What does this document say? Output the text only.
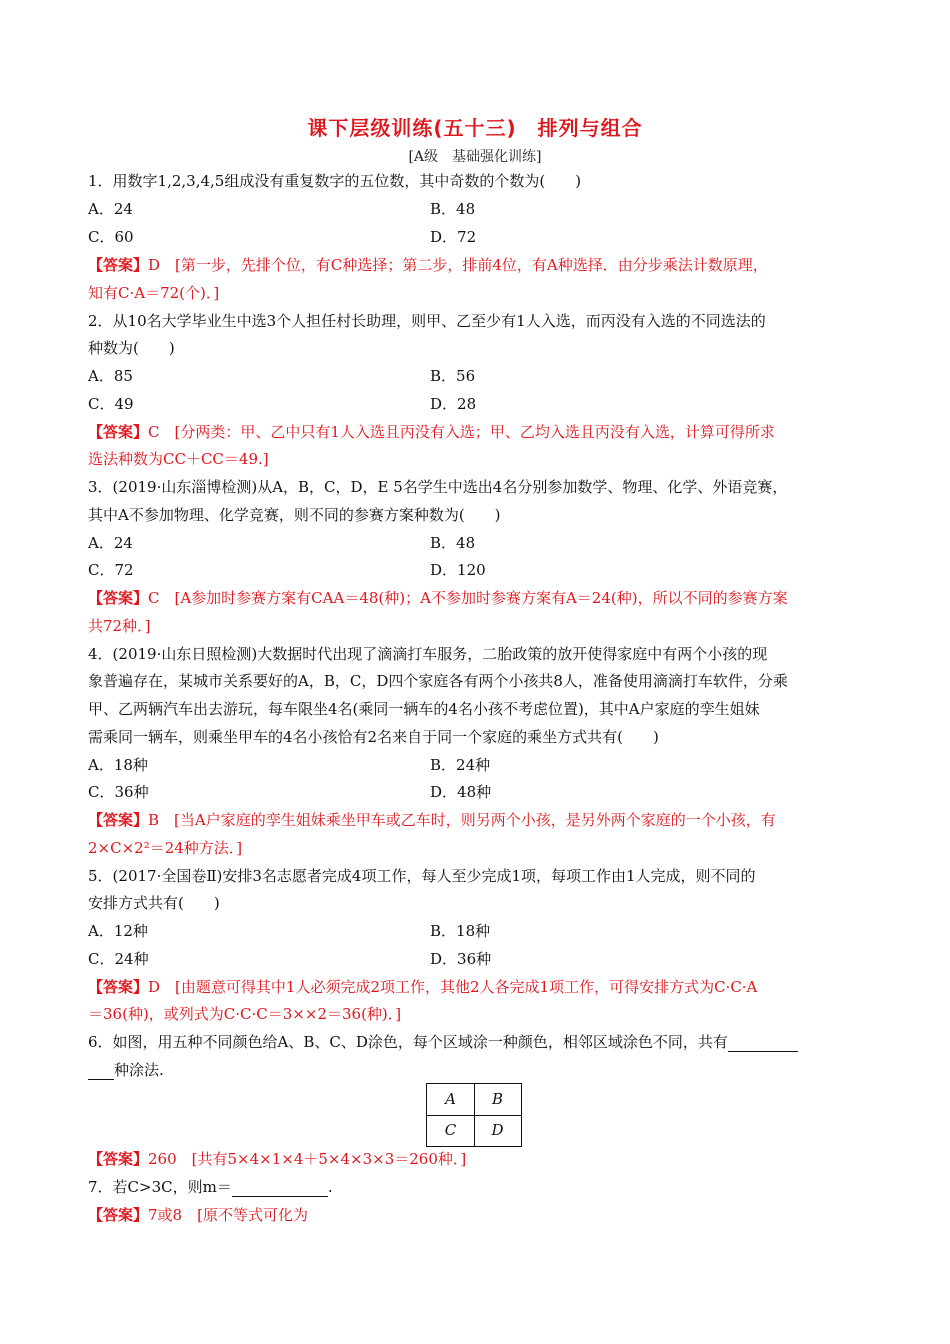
课下层级训练(五十三)　排列与组合
[A级　基础强化训练]
1．用数字1,2,3,4,5组成没有重复数字的五位数，其中奇数的个数为(　　)
A．24	B．48
C．60	D．72
【答案】D　[第一步，先排个位，有C种选择；第二步，排前4位，有A种选择．由分步乘法计数原理，
知有C·A＝72(个)．]
2．从10名大学毕业生中选3个人担任村长助理，则甲、乙至少有1人入选，而丙没有入选的不同选法的
种数为(　　)
A．85	B．56
C．49	D．28
【答案】C　[分两类：甲、乙中只有1人入选且丙没有入选；甲、乙均入选且丙没有入选，计算可得所求
选法种数为CC＋CC＝49.]
3．(2019·山东淄博检测)从A，B，C，D，E 5名学生中选出4名分别参加数学、物理、化学、外语竞赛，
其中A不参加物理、化学竞赛，则不同的参赛方案种数为(　　)
A．24	B．48
C．72	D．120
【答案】C　[A参加时参赛方案有CAA＝48(种)；A不参加时参赛方案有A＝24(种)，所以不同的参赛方案
共72种．]
4．(2019·山东日照检测)大数据时代出现了滴滴打车服务，二胎政策的放开使得家庭中有两个小孩的现
象普遍存在，某城市关系要好的A，B，C，D四个家庭各有两个小孩共8人，准备使用滴滴打车软件，分乘
甲、乙两辆汽车出去游玩，每车限坐4名(乘同一辆车的4名小孩不考虑位置)，其中A户家庭的孪生姐妹
需乘同一辆车，则乘坐甲车的4名小孩恰有2名来自于同一个家庭的乘坐方式共有(　　)
A．18种	B．24种
C．36种	D．48种
【答案】B　[当A户家庭的孪生姐妹乘坐甲车或乙车时，则另两个小孩，是另外两个家庭的一个小孩，有
2×C×2²＝24种方法．]
5．(2017·全国卷Ⅱ)安排3名志愿者完成4项工作，每人至少完成1项，每项工作由1人完成，则不同的
安排方式共有(　　)
A．12种	B．18种
C．24种	D．36种
【答案】D　[由题意可得其中1人必须完成2项工作，其他2人各完成1项工作，可得安排方式为C·C·A
＝36(种)，或列式为C·C·C＝3××2＝36(种)．]
6．如图，用五种不同颜色给A、B、C、D涂色，每个区域涂一种颜色，相邻区域涂色不同，共有
种涂法.
A	B
C	D
【答案】260　[共有5×4×1×4＋5×4×3×3＝260种．]
7．若C>3C，则m＝	.
【答案】7或8　[原不等式可化为
